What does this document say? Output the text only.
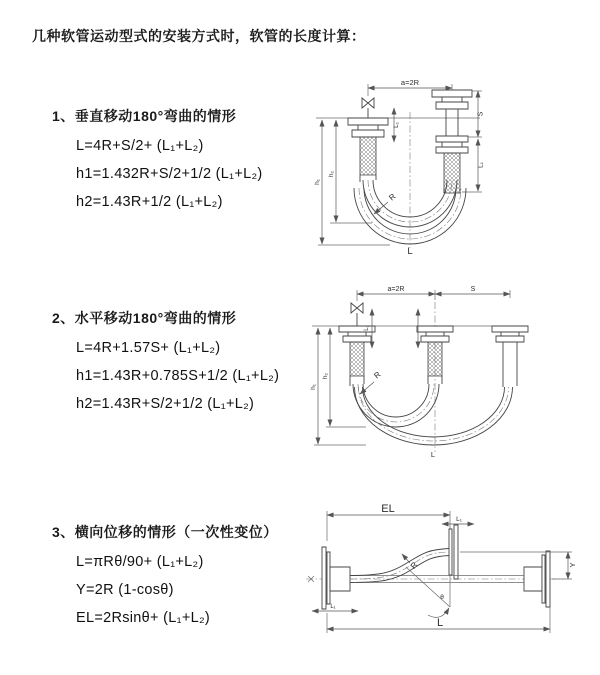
几种软管运动型式的安装方式时，软管的长度计算：
1、垂直移动180°弯曲的情形
L=4R+S/2+ (L₁+L₂)
h1=1.432R+S/2+1/2 (L₁+L₂)
h2=1.43R+1/2 (L₁+L₂)
2、水平移动180°弯曲的情形
L=4R+1.57S+ (L₁+L₂)
h1=1.43R+0.785S+1/2 (L₁+L₂)
h2=1.43R+S/2+1/2 (L₁+L₂)
3、横向位移的情形（一次性变位）
L=πRθ/90+ (L₁+L₂)
Y=2R (1-cosθ)
EL=2Rsinθ+ (L₁+L₂)
a=2R
L₁
S
L₁
h₁
h₂
R
L
a=2R	S
L₁
h₁
h₂	R
L
EL
L₁
θ
R	Y
L₁
L
